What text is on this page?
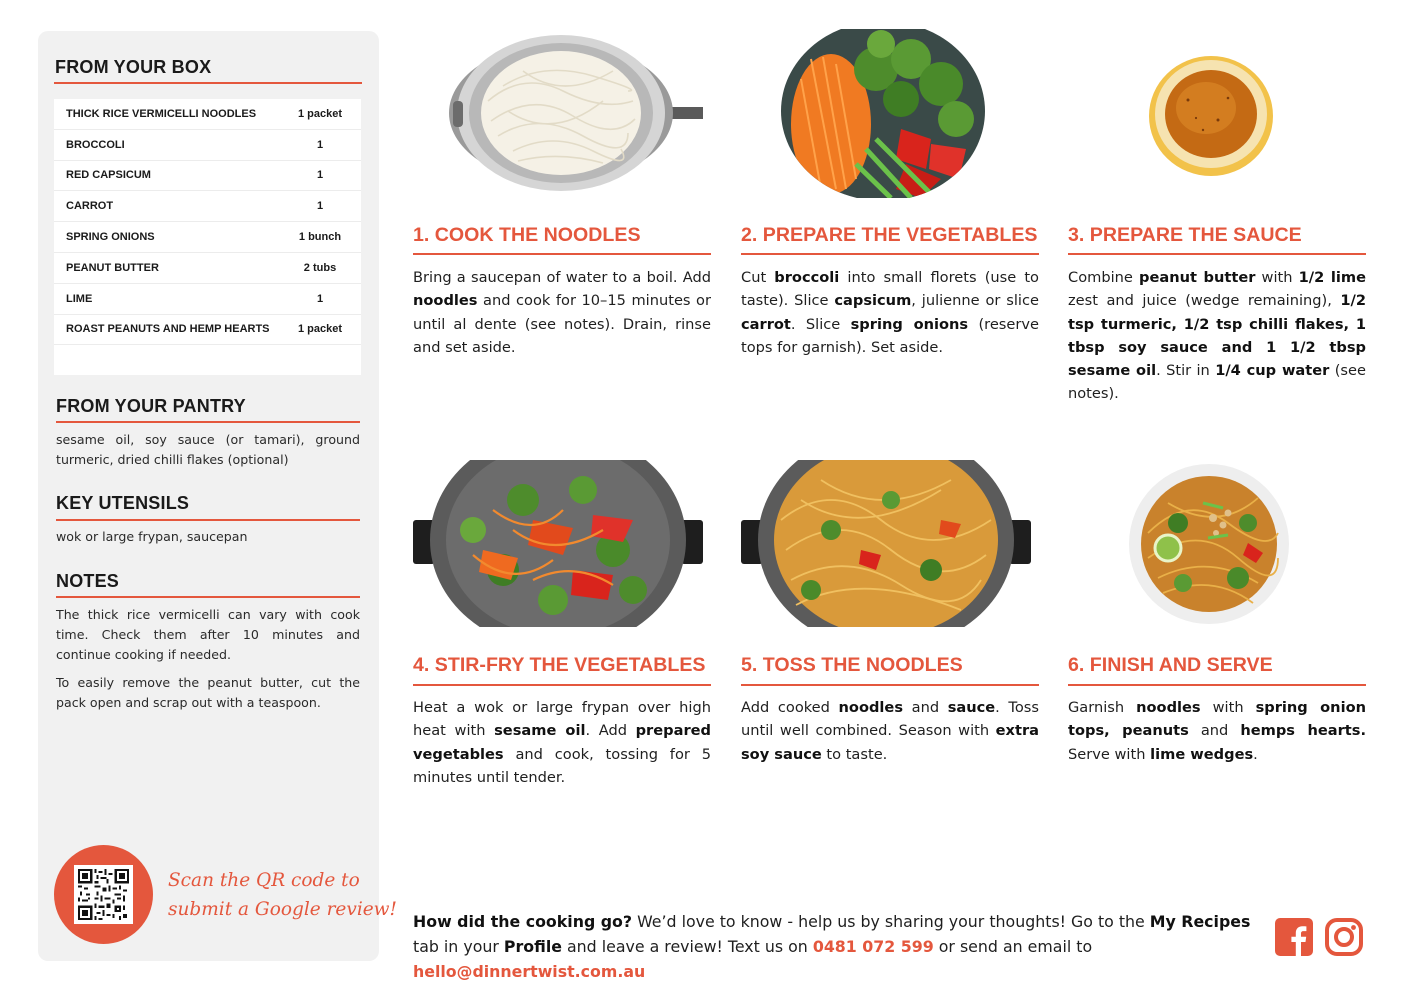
FROM YOUR BOX
THICK RICE VERMICELLI NOODLES	1 packet
BROCCOLI	1
RED CAPSICUM	1
CARROT	1
SPRING ONIONS	1 bunch
PEANUT BUTTER	2 tubs
LIME	1
ROAST PEANUTS AND HEMP HEARTS	1 packet
FROM YOUR PANTRY
sesame oil, soy sauce (or tamari), ground turmeric, dried chilli flakes (optional)
KEY UTENSILS
wok or large frypan, saucepan
NOTES
The thick rice vermicelli can vary with cook time. Check them after 10 minutes and continue cooking if needed.
To easily remove the peanut butter, cut the pack open and scrap out with a teaspoon.
Scan the QR code to
submit a Google review!
1. COOK THE NOODLES
Bring a saucepan of water to a boil. Add noodles and cook for 10–15 minutes or until al dente (see notes). Drain, rinse and set aside.
2. PREPARE THE VEGETABLES
Cut broccoli into small florets (use to taste). Slice capsicum, julienne or slice carrot. Slice spring onions (reserve tops for garnish). Set aside.
3. PREPARE THE SAUCE
Combine peanut butter with 1/2 lime zest and juice (wedge remaining), 1/2 tsp turmeric, 1/2 tsp chilli flakes, 1 tbsp soy sauce and 1 1/2 tbsp sesame oil. Stir in 1/4 cup water (see notes).
4. STIR-FRY THE VEGETABLES
Heat a wok or large frypan over high heat with sesame oil. Add prepared vegetables and cook, tossing for 5 minutes until tender.
5. TOSS THE NOODLES
Add cooked noodles and sauce. Toss until well combined. Season with extra soy sauce to taste.
6. FINISH AND SERVE
Garnish noodles with spring onion tops, peanuts and hemps hearts. Serve with lime wedges.
How did the cooking go? We’d love to know - help us by sharing your thoughts! Go to the My Recipes tab in your Profile and leave a review! Text us on 0481 072 599 or send an email to hello@dinnertwist.com.au
